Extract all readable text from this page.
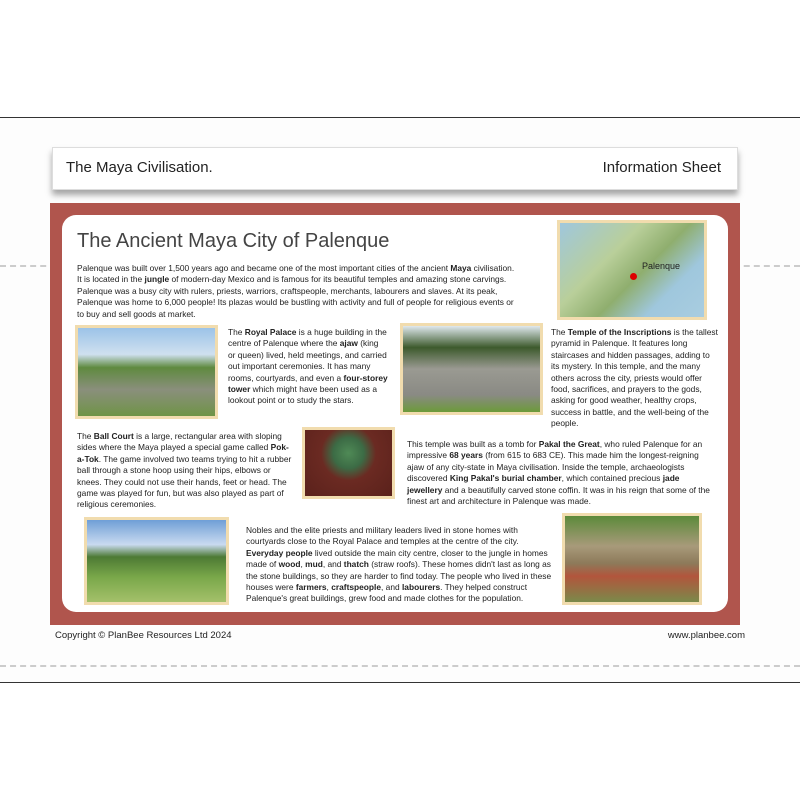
The Maya Civilisation.	Information Sheet
The Ancient Maya City of Palenque
Palenque was built over 1,500 years ago and became one of the most important cities of the ancient Maya civilisation. It is located in the jungle of modern-day Mexico and is famous for its beautiful temples and amazing stone carvings. Palenque was a busy city with rulers, priests, warriors, craftspeople, merchants, labourers and slaves. At its peak, Palenque was home to 6,000 people! Its plazas would be bustling with activity and full of people for religious events or to buy and sell goods at market.
Palenque
The Royal Palace is a huge building in the centre of Palenque where the ajaw (king or queen) lived, held meetings, and carried out important ceremonies. It has many rooms, courtyards, and even a four-storey tower which might have been used as a lookout point or to study the stars.
The Temple of the Inscriptions is the tallest pyramid in Palenque. It features long staircases and hidden passages, adding to its mystery. In this temple, and the many others across the city, priests would offer food, sacrifices, and prayers to the gods, asking for good weather, healthy crops, success in battle, and the well-being of the people.
The Ball Court is a large, rectangular area with sloping sides where the Maya played a special game called Pok-a-Tok. The game involved two teams trying to hit a rubber ball through a stone hoop using their hips, elbows or knees. They could not use their hands, feet or head. The game was played for fun, but was also played as part of religious ceremonies.
This temple was built as a tomb for Pakal the Great, who ruled Palenque for an impressive 68 years (from 615 to 683 CE). This made him the longest-reigning ajaw of any city-state in Maya civilisation. Inside the temple, archaeologists discovered King Pakal's burial chamber, which contained precious jade jewellery and a beautifully carved stone coffin. It was in his reign that some of the finest art and architecture in Palenque was made.
Nobles and the elite priests and military leaders lived in stone homes with courtyards close to the Royal Palace and temples at the centre of the city. Everyday people lived outside the main city centre, closer to the jungle in homes made of wood, mud, and thatch (straw roofs). These homes didn't last as long as the stone buildings, so they are harder to find today. The people who lived in these houses were farmers, craftspeople, and labourers. They helped construct Palenque's great buildings, grew food and made clothes for the population.
Copyright © PlanBee Resources Ltd 2024	www.planbee.com
